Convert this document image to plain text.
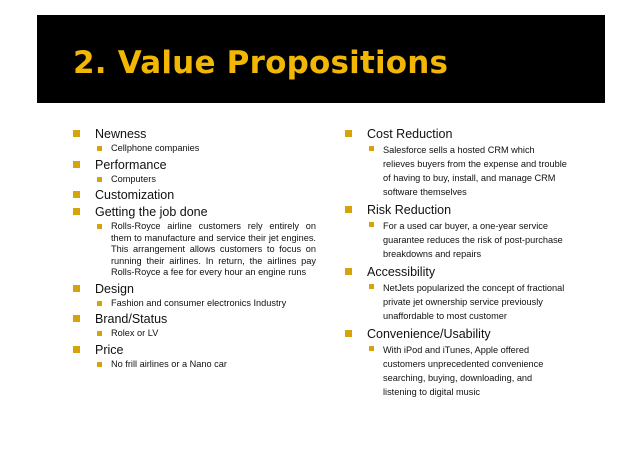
2. Value Propositions
Newness
Cellphone companies
Performance
Computers
Customization
Getting the job done
Rolls-Royce airline customers rely entirely on them to manufacture and service their jet engines. This arrangement allows customers to focus on running their airlines. In return, the airlines pay Rolls-Royce a fee for every hour an engine runs
Design
Fashion and consumer electronics Industry
Brand/Status
Rolex or LV
Price
No frill airlines or a Nano car
Cost Reduction
Salesforce sells a hosted CRM which relieves buyers from the expense and trouble of having to buy, install, and manage CRM software themselves
Risk Reduction
For a used car buyer, a one-year service guarantee reduces the risk of post-purchase breakdowns and repairs
Accessibility
NetJets popularized the concept of fractional private jet ownership service previously unaffordable to most customer
Convenience/Usability
With iPod and iTunes, Apple offered customers unprecedented convenience searching, buying, downloading, and listening to digital music
